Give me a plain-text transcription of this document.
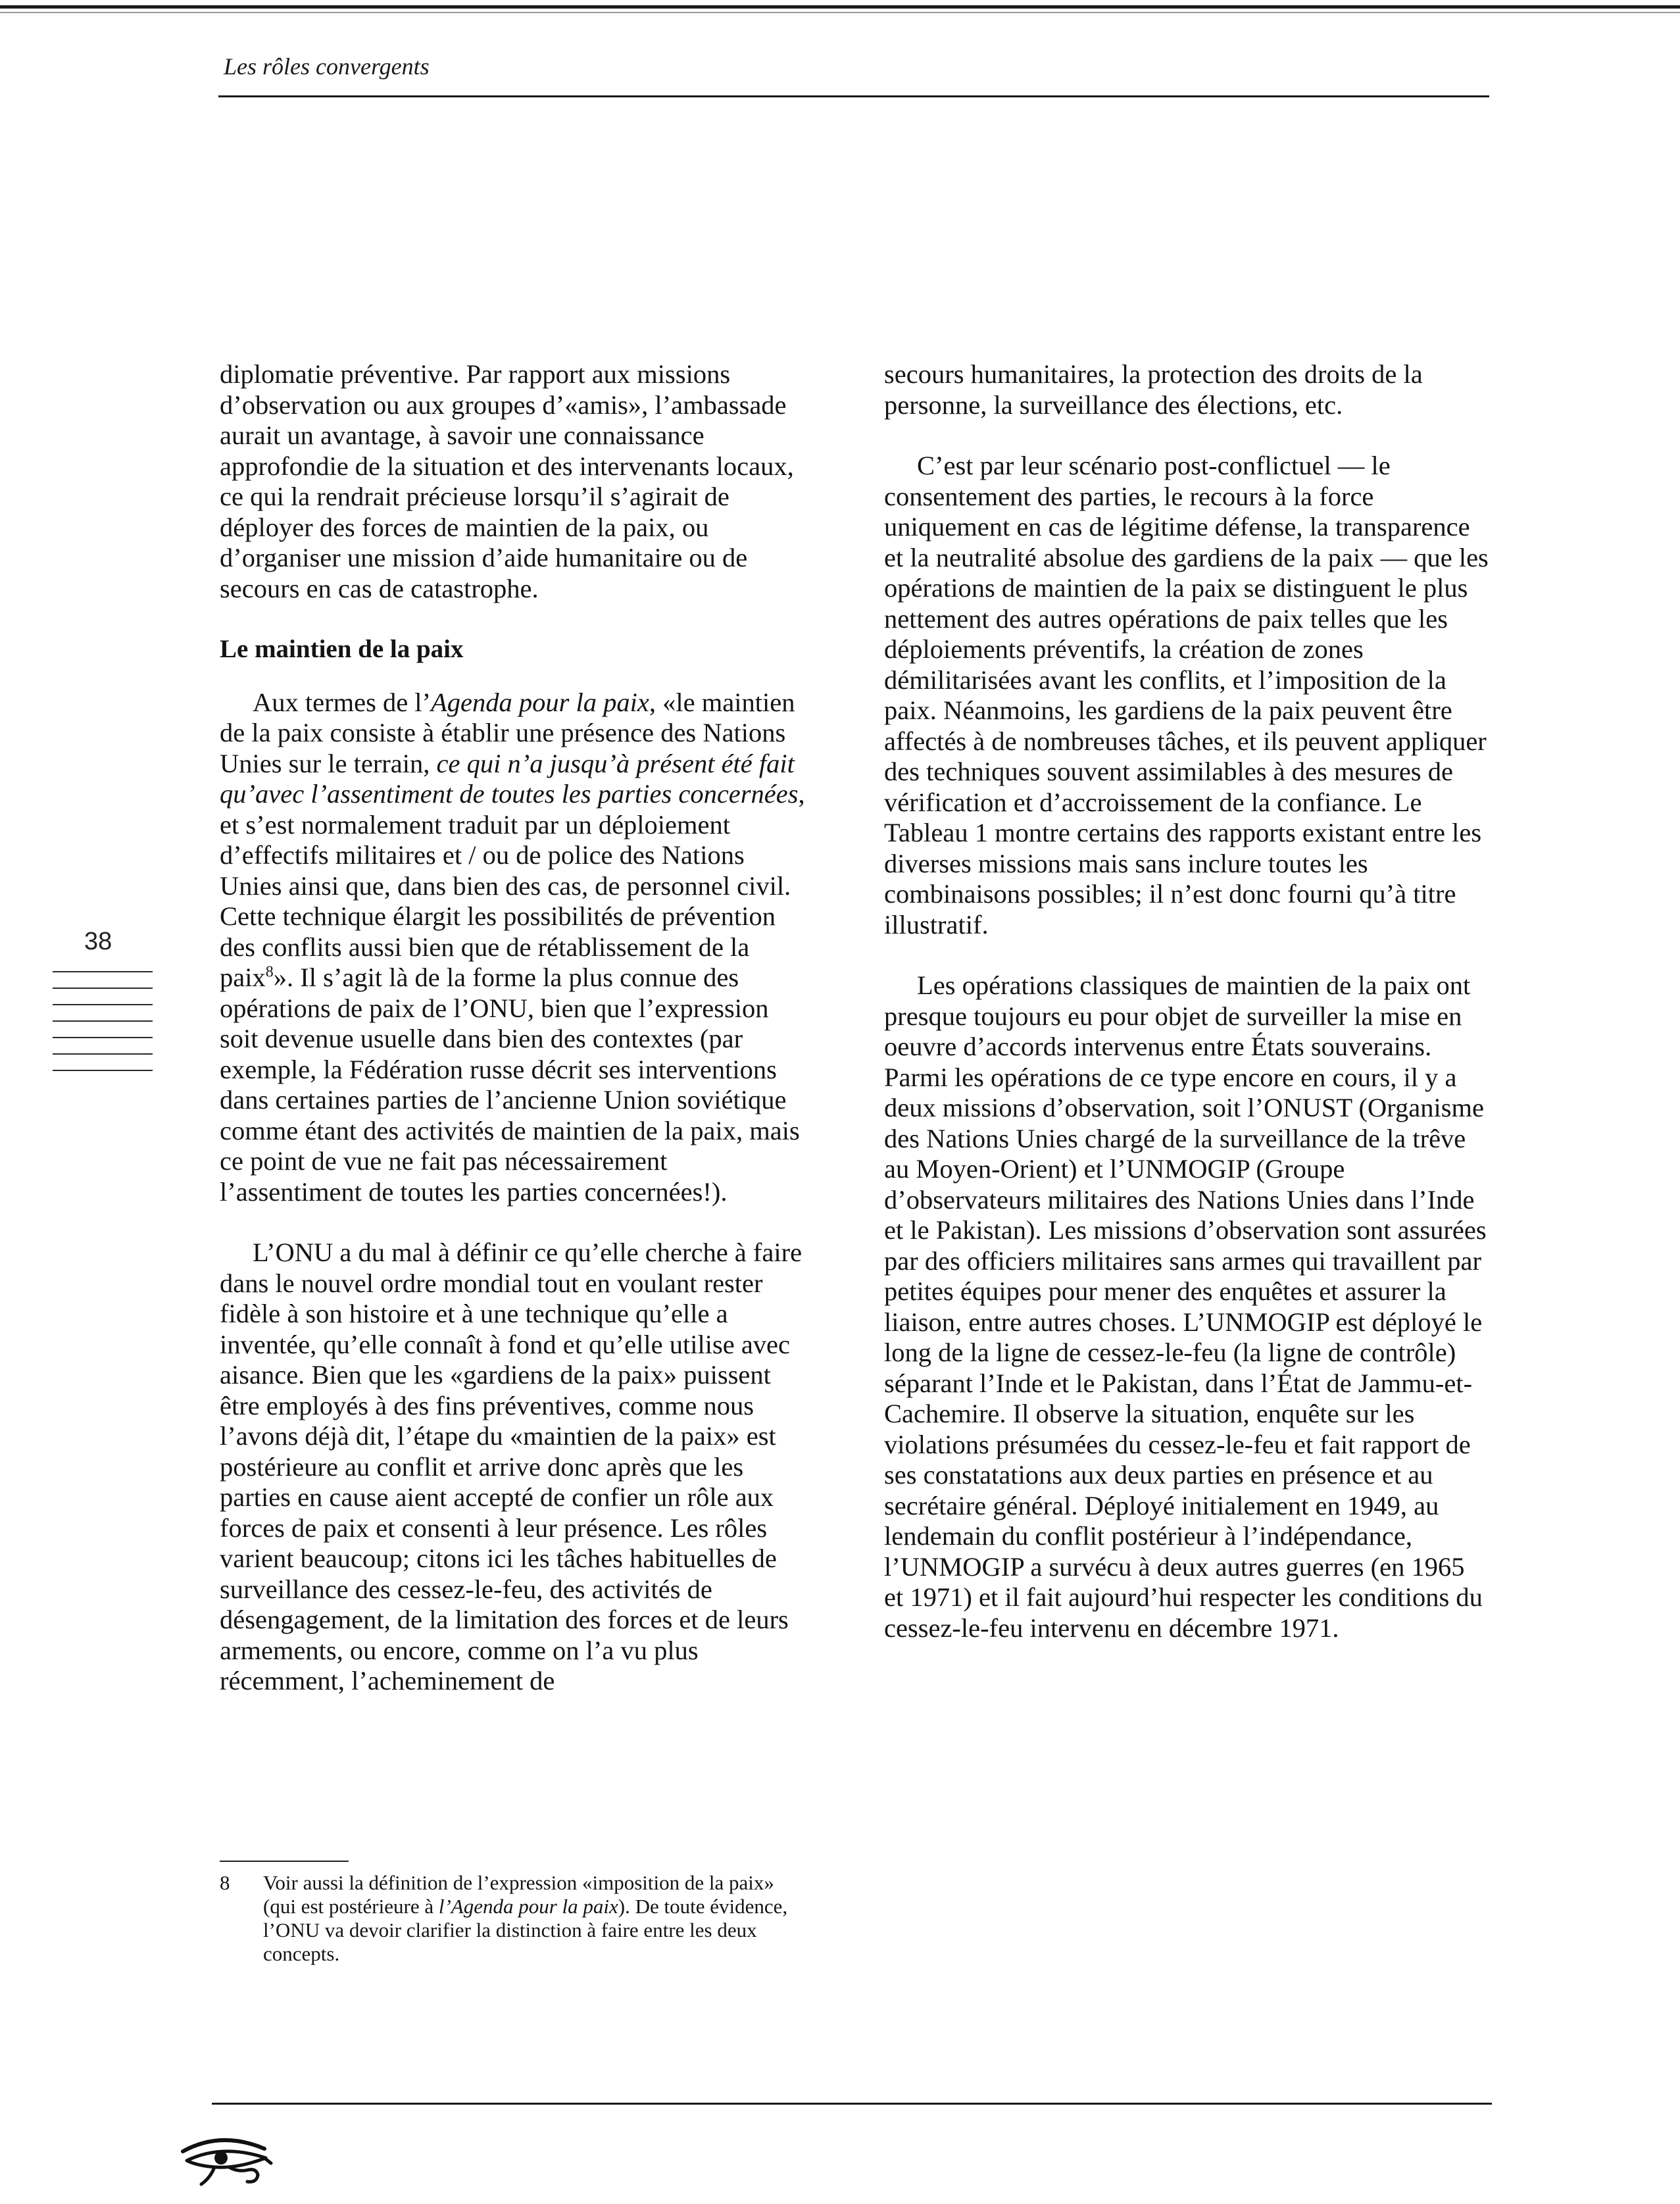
Les rôles convergents

diplomatie préventive. Par rapport aux missions d’observation ou aux groupes d’«amis», l’ambassade aurait un avantage, à savoir une connaissance approfondie de la situation et des intervenants locaux, ce qui la rendrait précieuse lorsqu’il s’agirait de déployer des forces de maintien de la paix, ou d’organiser une mission d’aide humanitaire ou de secours en cas de catastrophe.

Le maintien de la paix

Aux termes de l’Agenda pour la paix, «le maintien de la paix consiste à établir une présence des Nations Unies sur le terrain, ce qui n’a jusqu’à présent été fait qu’avec l’assentiment de toutes les parties concernées, et s’est normalement traduit par un déploiement d’effectifs militaires et / ou de police des Nations Unies ainsi que, dans bien des cas, de personnel civil. Cette technique élargit les possibilités de prévention des conflits aussi bien que de rétablissement de la paix$^8$». Il s’agit là de la forme la plus connue des opérations de paix de l’ONU, bien que l’expression soit devenue usuelle dans bien des contextes (par exemple, la Fédération russe décrit ses interventions dans certaines parties de l’ancienne Union soviétique comme étant des activités de maintien de la paix, mais ce point de vue ne fait pas nécessairement l’assentiment de toutes les parties concernées!).

L’ONU a du mal à définir ce qu’elle cherche à faire dans le nouvel ordre mondial tout en voulant rester fidèle à son histoire et à une technique qu’elle a inventée, qu’elle connaît à fond et qu’elle utilise avec aisance. Bien que les «gardiens de la paix» puissent être employés à des fins préventives, comme nous l’avons déjà dit, l’étape du «maintien de la paix» est postérieure au conflit et arrive donc après que les parties en cause aient accepté de confier un rôle aux forces de paix et consenti à leur présence. Les rôles varient beaucoup; citons ici les tâches habituelles de surveillance des cessez-le-feu, des activités de désengagement, de la limitation des forces et de leurs armements, ou encore, comme on l’a vu plus récemment, l’acheminement de

secours humanitaires, la protection des droits de la personne, la surveillance des élections, etc.

C’est par leur scénario post-conflictuel — le consentement des parties, le recours à la force uniquement en cas de légitime défense, la transparence et la neutralité absolue des gardiens de la paix — que les opérations de maintien de la paix se distinguent le plus nettement des autres opérations de paix telles que les déploiements préventifs, la création de zones démilitarisées avant les conflits, et l’imposition de la paix. Néanmoins, les gardiens de la paix peuvent être affectés à de nombreuses tâches, et ils peuvent appliquer des techniques souvent assimilables à des mesures de vérification et d’accroissement de la confiance. Le Tableau 1 montre certains des rapports existant entre les diverses missions mais sans inclure toutes les combinaisons possibles; il n’est donc fourni qu’à titre illustratif.

Les opérations classiques de maintien de la paix ont presque toujours eu pour objet de surveiller la mise en oeuvre d’accords intervenus entre États souverains. Parmi les opérations de ce type encore en cours, il y a deux missions d’observation, soit l’ONUST (Organisme des Nations Unies chargé de la surveillance de la trêve au Moyen-Orient) et l’UNMOGIP (Groupe d’observateurs militaires des Nations Unies dans l’Inde et le Pakistan). Les missions d’observation sont assurées par des officiers militaires sans armes qui travaillent par petites équipes pour mener des enquêtes et assurer la liaison, entre autres choses. L’UNMOGIP est déployé le long de la ligne de cessez-le-feu (la ligne de contrôle) séparant l’Inde et le Pakistan, dans l’État de Jammu-et-Cachemire. Il observe la situation, enquête sur les violations présumées du cessez-le-feu et fait rapport de ses constatations aux deux parties en présence et au secrétaire général. Déployé initialement en 1949, au lendemain du conflit postérieur à l’indépendance, l’UNMOGIP a survécu à deux autres guerres (en 1965 et 1971) et il fait aujourd’hui respecter les conditions du cessez-le-feu intervenu en décembre 1971.

38
8 Voir aussi la définition de l’expression «imposition de la paix» (qui est postérieure à l’Agenda pour la paix). De toute évidence, l’ONU va devoir clarifier la distinction à faire entre les deux concepts.
